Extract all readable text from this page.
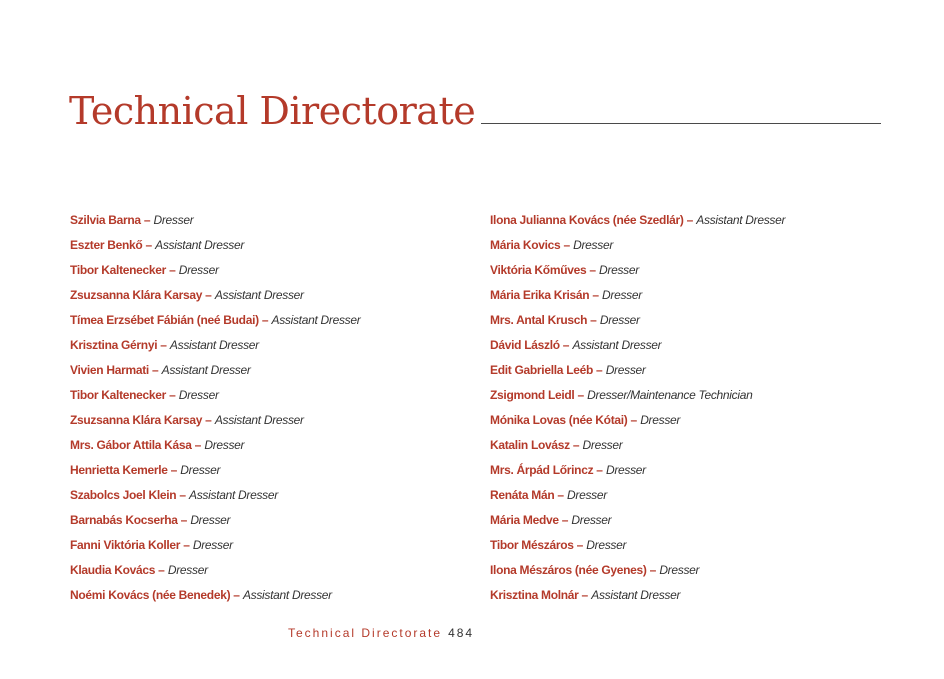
Technical Directorate
Szilvia Barna – Dresser
Eszter Benkő – Assistant Dresser
Tibor Kaltenecker – Dresser
Zsuzsanna Klára Karsay – Assistant Dresser
Tímea Erzsébet Fábián (neé Budai) – Assistant Dresser
Krisztina Gérnyi – Assistant Dresser
Vivien Harmati – Assistant Dresser
Tibor Kaltenecker – Dresser
Zsuzsanna Klára Karsay – Assistant Dresser
Mrs. Gábor Attila Kása – Dresser
Henrietta Kemerle – Dresser
Szabolcs Joel Klein – Assistant Dresser
Barnabás Kocserha – Dresser
Fanni Viktória Koller – Dresser
Klaudia Kovács – Dresser
Noémi Kovács (née Benedek) – Assistant Dresser
Ilona Julianna Kovács (née Szedlár) – Assistant Dresser
Mária Kovics – Dresser
Viktória Kőműves – Dresser
Mária Erika Krisán – Dresser
Mrs. Antal Krusch – Dresser
Dávid László – Assistant Dresser
Edit Gabriella Leéb – Dresser
Zsigmond Leidl – Dresser/Maintenance Technician
Mónika Lovas (née Kótai) – Dresser
Katalin Lovász – Dresser
Mrs. Árpád Lőrincz – Dresser
Renáta Mán – Dresser
Mária Medve – Dresser
Tibor Mészáros – Dresser
Ilona Mészáros (née Gyenes) – Dresser
Krisztina Molnár – Assistant Dresser
Technical Directorate 484
